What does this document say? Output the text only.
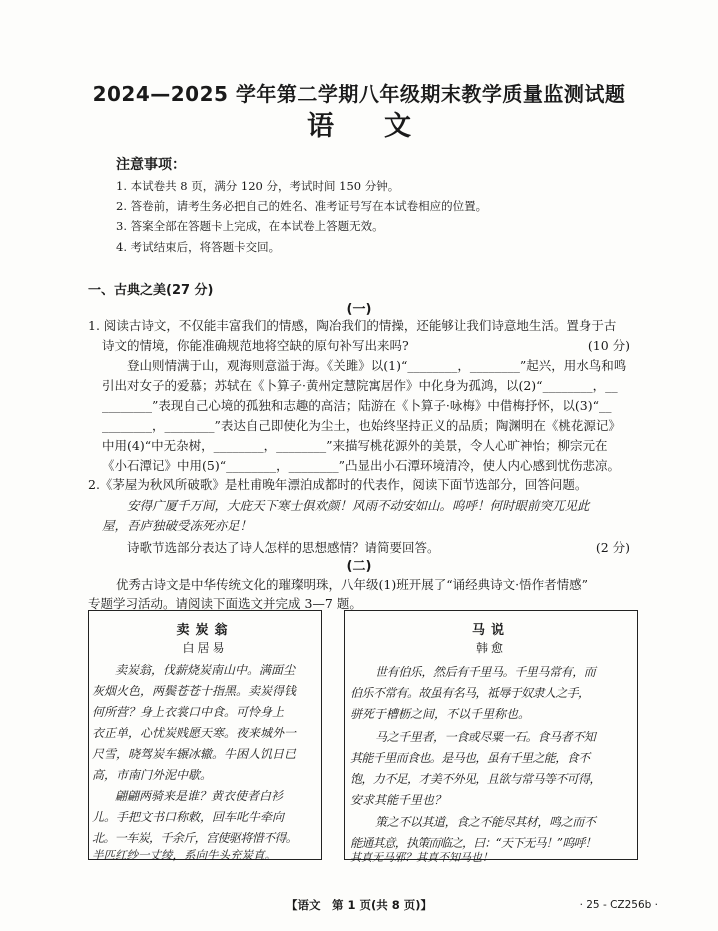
2024—2025 学年第二学期八年级期末教学质量监测试题
语文
注意事项：
1. 本试卷共 8 页，满分 120 分，考试时间 150 分钟。
2. 答卷前，请考生务必把自己的姓名、准考证号写在本试卷相应的位置。
3. 答案全部在答题卡上完成，在本试卷上答题无效。
4. 考试结束后，将答题卡交回。
一、古典之美(27 分)
(一)
1. 阅读古诗文，不仅能丰富我们的情感，陶冶我们的情操，还能够让我们诗意地生活。置身于古
诗文的情境，你能准确规范地将空缺的原句补写出来吗?	(10 分)
登山则情满于山，观海则意溢于海。《关雎》以(1)“________，________”起兴，用水鸟和鸣
引出对女子的爱慕；苏轼在《卜算子·黄州定慧院寓居作》中化身为孤鸿，以(2)“________，__
________”表现自己心境的孤独和志趣的高洁；陆游在《卜算子·咏梅》中借梅抒怀，以(3)“__
________，________”表达自己即使化为尘土，也始终坚持正义的品质；陶渊明在《桃花源记》
中用(4)“中无杂树，________，________”来描写桃花源外的美景，令人心旷神怡；柳宗元在
《小石潭记》中用(5)“________，________”凸显出小石潭环境清冷，使人内心感到忧伤悲凉。
2.《茅屋为秋风所破歌》是杜甫晚年漂泊成都时的代表作，阅读下面节选部分，回答问题。
安得广厦千万间，大庇天下寒士俱欢颜！风雨不动安如山。呜呼！何时眼前突兀见此
屋，吾庐独破受冻死亦足！
诗歌节选部分表达了诗人怎样的思想感情？请简要回答。	(2 分)
(二)
优秀古诗文是中华传统文化的璀璨明珠，八年级(1)班开展了“诵经典诗文·悟作者情感”
专题学习活动。请阅读下面选文并完成 3—7 题。
卖炭翁
白居易
卖炭翁，伐薪烧炭南山中。满面尘
灰烟火色，两鬓苍苍十指黑。卖炭得钱
何所营？身上衣裳口中食。可怜身上
衣正单，心忧炭贱愿天寒。夜来城外一
尺雪，晓驾炭车辗冰辙。牛困人饥日已
高，市南门外泥中歇。
翩翩两骑来是谁？黄衣使者白衫
儿。手把文书口称敕，回车叱牛牵向
北。一车炭，千余斤，宫使驱将惜不得。
半匹红纱一丈绫，系向牛头充炭直。
马说
韩愈
世有伯乐，然后有千里马。千里马常有，而
伯乐不常有。故虽有名马，祗辱于奴隶人之手，
骈死于槽枥之间，不以千里称也。
马之千里者，一食或尽粟一石。食马者不知
其能千里而食也。是马也，虽有千里之能，食不
饱，力不足，才美不外见，且欲与常马等不可得，
安求其能千里也？
策之不以其道，食之不能尽其材，鸣之而不
能通其意，执策而临之，曰：“天下无马！”呜呼！
其真无马邪？其真不知马也！
【语文　第 1 页(共 8 页)】	· 25 - CZ256b ·
